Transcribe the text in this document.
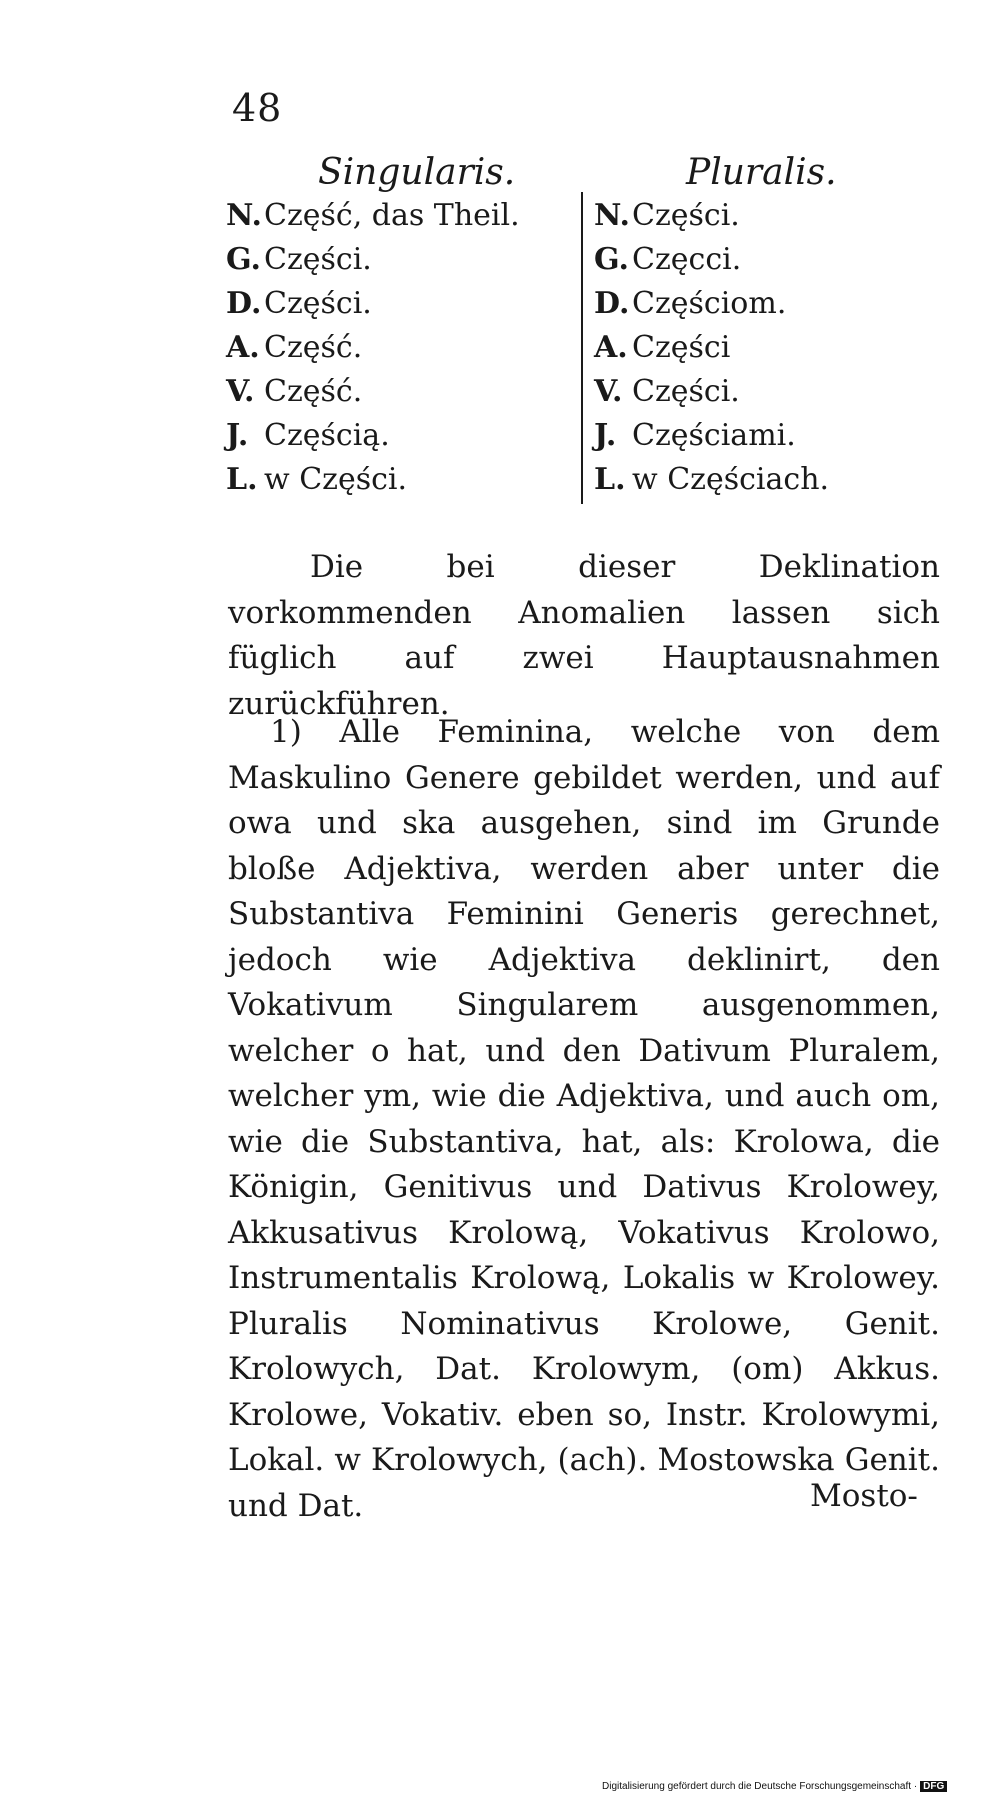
48
Singularis.	Pluralis.
N.Część, das Theil.
G. Części.
D.Części.
A. Część.
V. Część.
J. Częścią.
L. w Części.
N.Części.
G. Częcci.
D.Częściom.
A. Części
V. Części.
J. Częściami.
L. w Częściach.

Die bei dieser Deklination vorkommenden Anomalien lassen sich füglich auf zwei Hauptausnahmen zurückführen.

1) Alle Feminina, welche von dem Maskulino Genere gebildet werden, und auf owa und ska ausgehen, sind im Grunde bloße Adjektiva, werden aber unter die Substantiva Feminini Generis gerechnet, jedoch wie Adjektiva deklinirt, den Vokativum Singularem ausgenommen, welcher o hat, und den Dativum Pluralem, welcher ym, wie die Adjektiva, und auch om, wie die Substantiva, hat, als: Krolowa, die Königin, Genitivus und Dativus Krolowey, Akkusativus Krolową, Vokativus Krolowo, Instrumentalis Krolową, Lokalis w Krolowey. Pluralis Nominativus Krolowe, Genit. Krolowych, Dat. Krolowym, (om) Akkus. Krolowe, Vokativ. eben so, Instr. Krolowymi, Lokal. w Krolowych, (ach). Mostowska Genit. und Dat.	Mosto-
Digitalisierung gefördert durch die Deutsche Forschungsgemeinschaft · DFG
